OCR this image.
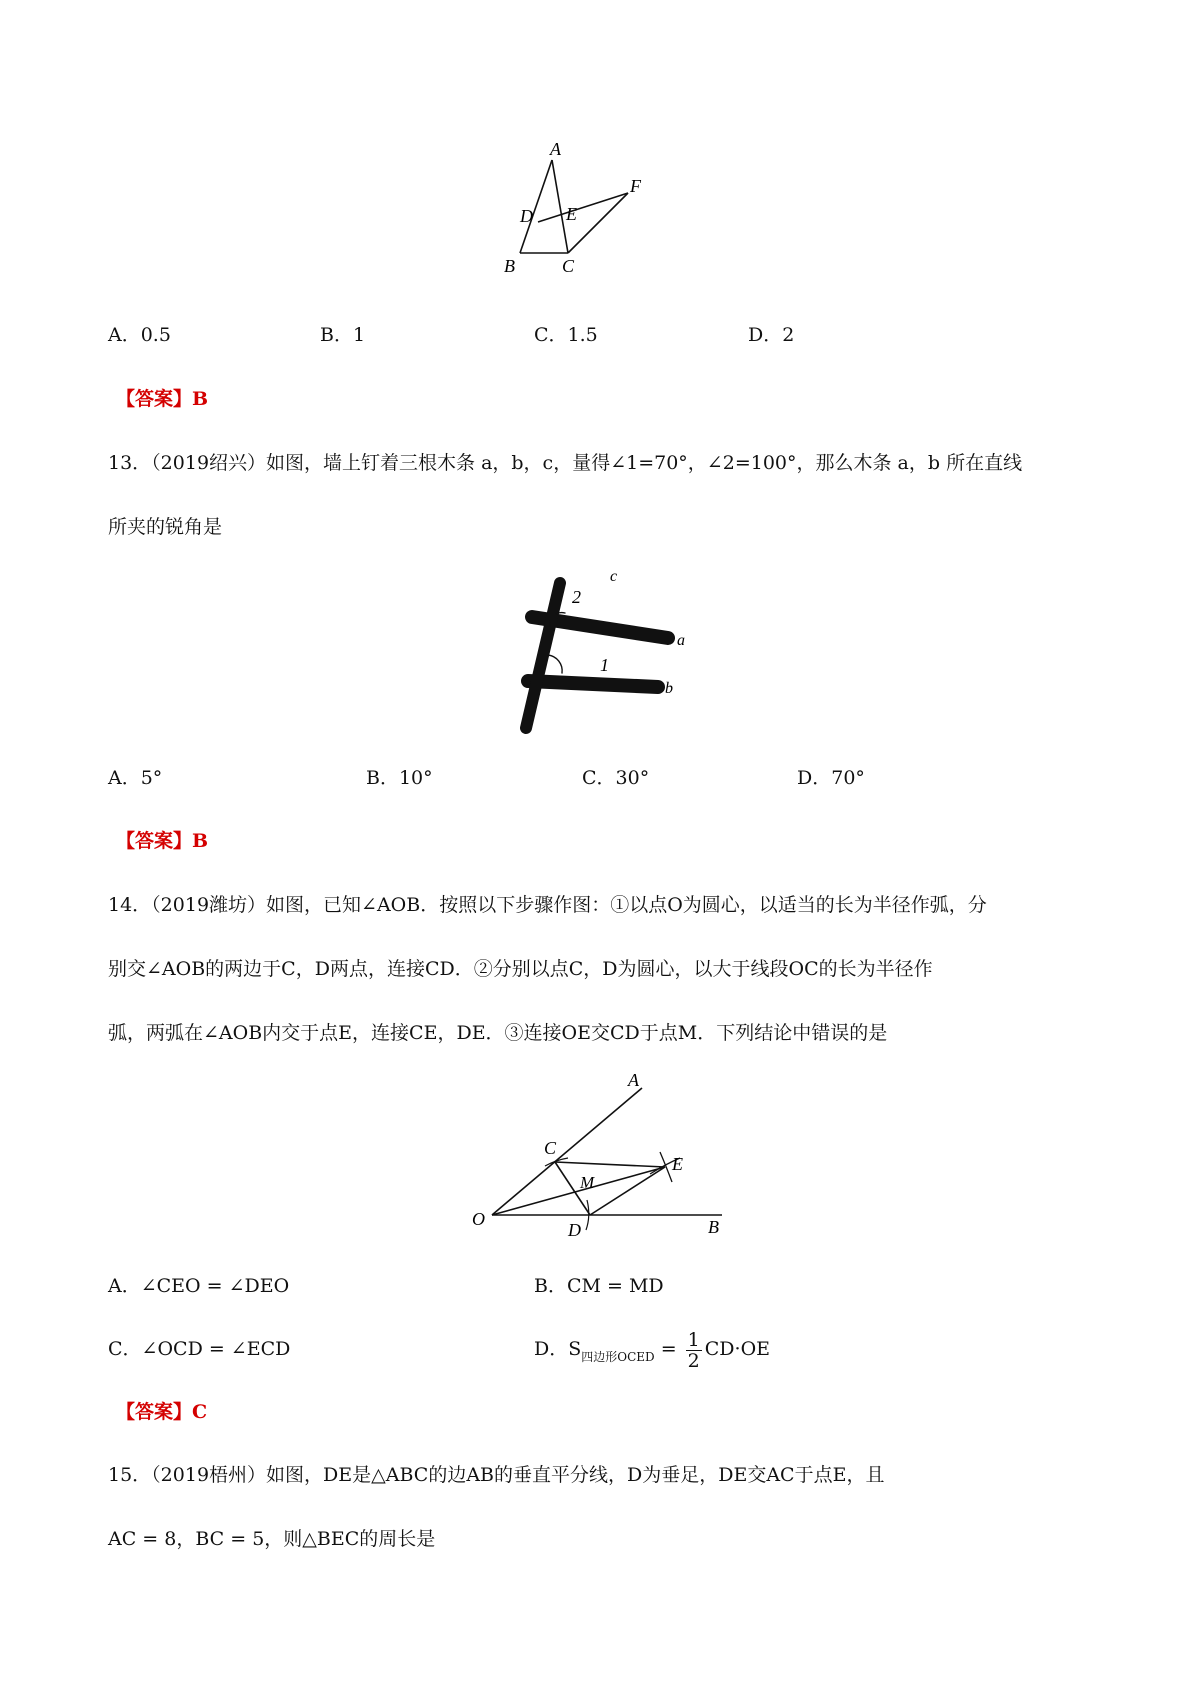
A
F
D E
B	C
A．0.5	B．1	C．1.5	D．2
【答案】B
13．（2019绍兴）如图，墙上钉着三根木条 a，b，c，量得∠1=70°，∠2=100°，那么木条 a，b 所在直线
所夹的锐角是
c
2
a
1
b
A．5°	B．10°	C．30°	D．70°
【答案】B
14．（2019潍坊）如图，已知∠AOB．按照以下步骤作图：①以点O为圆心，以适当的长为半径作弧，分
别交∠AOB的两边于C，D两点，连接CD．②分别以点C，D为圆心，以大于线段OC的长为半径作
弧，两弧在∠AOB内交于点E，连接CE，DE．③连接OE交CD于点M．下列结论中错误的是
A
C
E
M
O
D	B
A．∠CEO = ∠DEO	B．CM = MD
C．∠OCD = ∠ECD	D．$S_{四边形OCED} = \frac{1}{2} CD\cdot OE$
【答案】C
15．（2019梧州）如图，DE是△ABC的边AB的垂直平分线，D为垂足，DE交AC于点E，且
AC = 8，BC = 5，则△BEC的周长是
